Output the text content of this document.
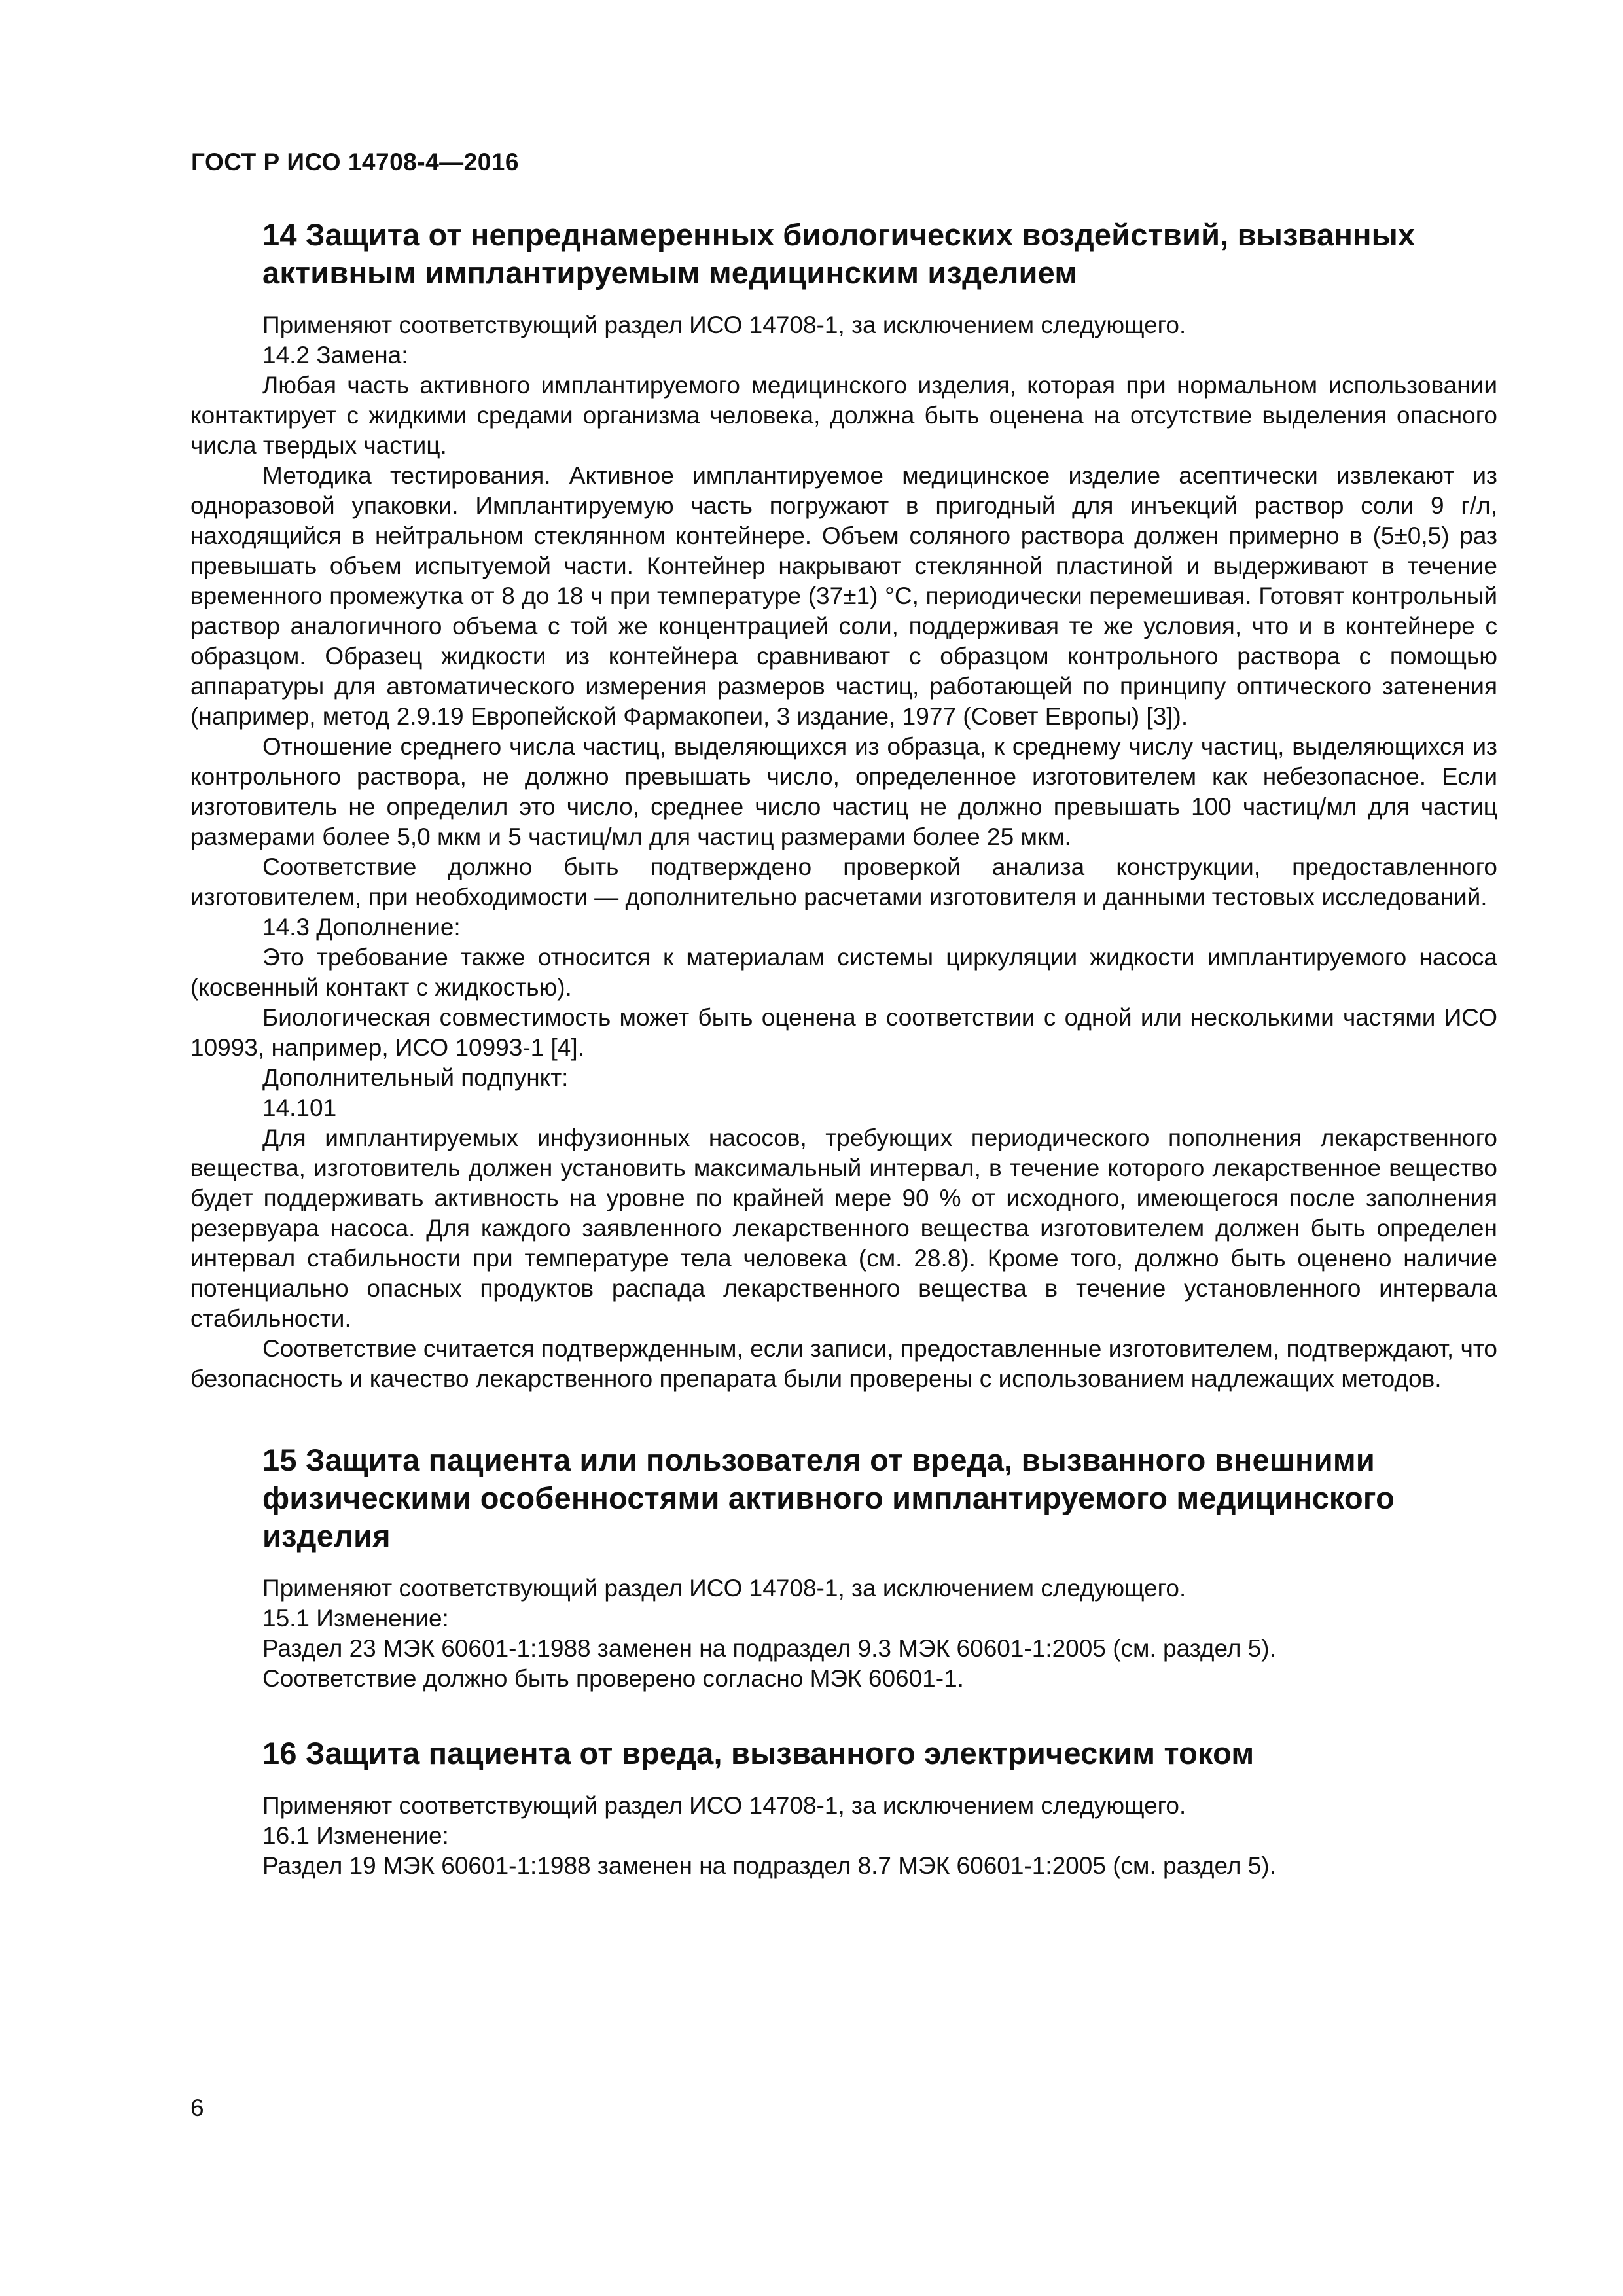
ГОСТ Р ИСО 14708-4—2016
14 Защита от непреднамеренных биологических воздействий, вызванных активным имплантируемым медицинским изделием

Применяют соответствующий раздел ИСО 14708-1, за исключением следующего.

14.2 Замена:

Любая часть активного имплантируемого медицинского изделия, которая при нормальном использовании контактирует с жидкими средами организма человека, должна быть оценена на отсутствие выделения опасного числа твердых частиц.

Методика тестирования. Активное имплантируемое медицинское изделие асептически извлекают из одноразовой упаковки. Имплантируемую часть погружают в пригодный для инъекций раствор соли 9 г/л, находящийся в нейтральном стеклянном контейнере. Объем соляного раствора должен примерно в (5±0,5) раз превышать объем испытуемой части. Контейнер накрывают стеклянной пластиной и выдерживают в течение временного промежутка от 8 до 18 ч при температуре (37±1) °С, периодически перемешивая. Готовят контрольный раствор аналогичного объема с той же концентрацией соли, поддерживая те же условия, что и в контейнере с образцом. Образец жидкости из контейнера сравнивают с образцом контрольного раствора с помощью аппаратуры для автоматического измерения размеров частиц, работающей по принципу оптического затенения (например, метод 2.9.19 Европейской Фармакопеи, 3 издание, 1977 (Совет Европы) [3]).

Отношение среднего числа частиц, выделяющихся из образца, к среднему числу частиц, выделяющихся из контрольного раствора, не должно превышать число, определенное изготовителем как небезопасное. Если изготовитель не определил это число, среднее число частиц не должно превышать 100 частиц/мл для частиц размерами более 5,0 мкм и 5 частиц/мл для частиц размерами более 25 мкм.

Соответствие должно быть подтверждено проверкой анализа конструкции, предоставленного изготовителем, при необходимости — дополнительно расчетами изготовителя и данными тестовых исследований.

14.3 Дополнение:

Это требование также относится к материалам системы циркуляции жидкости имплантируемого насоса (косвенный контакт с жидкостью).

Биологическая совместимость может быть оценена в соответствии с одной или несколькими частями ИСО 10993, например, ИСО 10993-1 [4].

Дополнительный подпункт:

14.101

Для имплантируемых инфузионных насосов, требующих периодического пополнения лекарственного вещества, изготовитель должен установить максимальный интервал, в течение которого лекарственное вещество будет поддерживать активность на уровне по крайней мере 90 % от исходного, имеющегося после заполнения резервуара насоса. Для каждого заявленного лекарственного вещества изготовителем должен быть определен интервал стабильности при температуре тела человека (см. 28.8). Кроме того, должно быть оценено наличие потенциально опасных продуктов распада лекарственного вещества в течение установленного интервала стабильности.

Соответствие считается подтвержденным, если записи, предоставленные изготовителем, подтверждают, что безопасность и качество лекарственного препарата были проверены с использованием надлежащих методов.

15 Защита пациента или пользователя от вреда, вызванного внешними физическими особенностями активного имплантируемого медицинского изделия

Применяют соответствующий раздел ИСО 14708-1, за исключением следующего.

15.1 Изменение:

Раздел 23 МЭК 60601-1:1988 заменен на подраздел 9.3 МЭК 60601-1:2005 (см. раздел 5).

Соответствие должно быть проверено согласно МЭК 60601-1.

16 Защита пациента от вреда, вызванного электрическим током

Применяют соответствующий раздел ИСО 14708-1, за исключением следующего.

16.1 Изменение:

Раздел 19 МЭК 60601-1:1988 заменен на подраздел 8.7 МЭК 60601-1:2005 (см. раздел 5).

6
